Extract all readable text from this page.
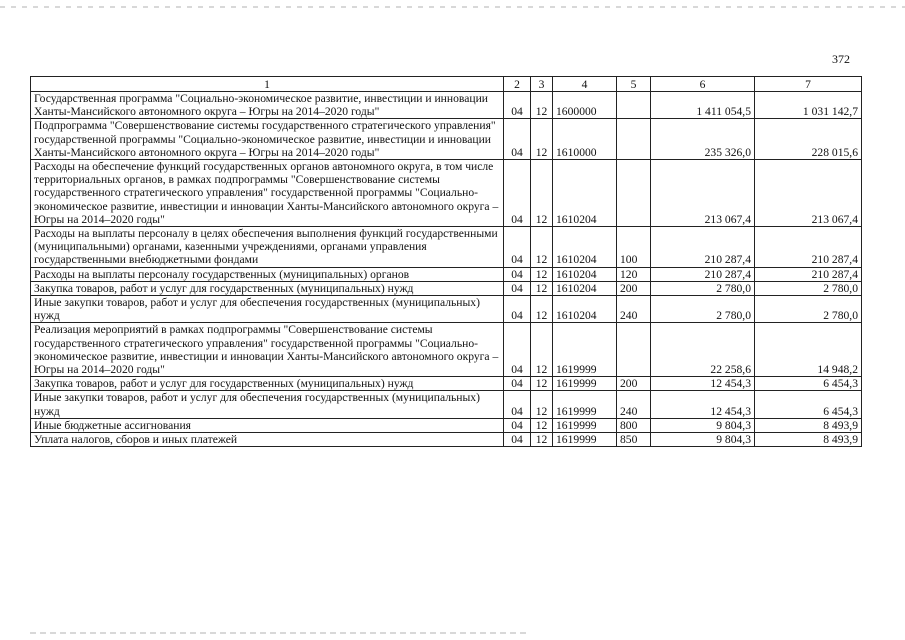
372
1	2	3	4	5	6	7
Государственная программа "Социально-экономическое развитие, инвестиции и инновации Ханты-Мансийского автономного округа – Югры на 2014–2020 годы"	04	12	1600000		1 411 054,5	1 031 142,7
Подпрограмма "Совершенствование системы государственного стратегического управления" государственной программы "Социально-экономическое развитие, инвестиции и инновации Ханты-Мансийского автономного округа – Югры на 2014–2020 годы"	04	12	1610000		235 326,0	228 015,6
Расходы на обеспечение функций государственных органов автономного округа, в том числе территориальных органов, в рамках подпрограммы "Совершенствование системы государственного стратегического управления" государственной программы "Социально-экономическое развитие, инвестиции и инновации Ханты-Мансийского автономного округа – Югры на 2014–2020 годы"	04	12	1610204		213 067,4	213 067,4
Расходы на выплаты персоналу в целях обеспечения выполнения функций государственными (муниципальными) органами, казенными учреждениями, органами управления государственными внебюджетными фондами	04	12	1610204	100	210 287,4	210 287,4
Расходы на выплаты персоналу государственных (муниципальных) органов	04	12	1610204	120	210 287,4	210 287,4
Закупка товаров, работ и услуг для государственных (муниципальных) нужд	04	12	1610204	200	2 780,0	2 780,0
Иные закупки товаров, работ и услуг для обеспечения государственных (муниципальных) нужд	04	12	1610204	240	2 780,0	2 780,0
Реализация мероприятий в рамках подпрограммы "Совершенствование системы государственного стратегического управления" государственной программы "Социально-экономическое развитие, инвестиции и инновации Ханты-Мансийского автономного округа – Югры на 2014–2020 годы"	04	12	1619999		22 258,6	14 948,2
Закупка товаров, работ и услуг для государственных (муниципальных) нужд	04	12	1619999	200	12 454,3	6 454,3
Иные закупки товаров, работ и услуг для обеспечения государственных (муниципальных) нужд	04	12	1619999	240	12 454,3	6 454,3
Иные бюджетные ассигнования	04	12	1619999	800	9 804,3	8 493,9
Уплата налогов, сборов и иных платежей	04	12	1619999	850	9 804,3	8 493,9
